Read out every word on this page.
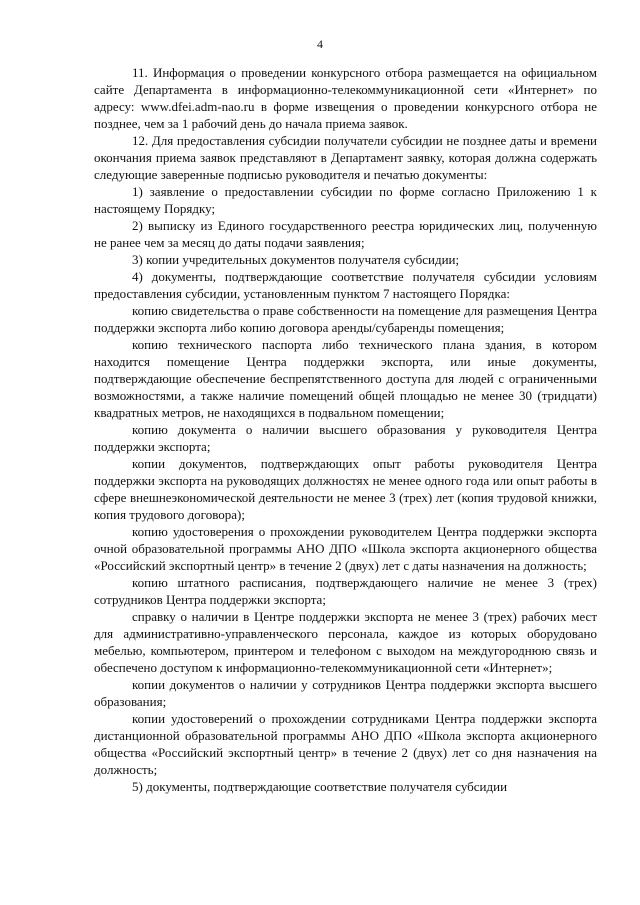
4

11. Информация о проведении конкурсного отбора размещается на официальном сайте Департамента в информационно-телекоммуникационной сети «Интернет» по адресу: www.dfei.adm-nao.ru в форме извещения о проведении конкурсного отбора не позднее, чем за 1 рабочий день до начала приема заявок.

12. Для предоставления субсидии получатели субсидии не позднее даты и времени окончания приема заявок представляют в Департамент заявку, которая должна содержать следующие заверенные подписью руководителя и печатью документы:

1) заявление о предоставлении субсидии по форме согласно Приложению 1 к настоящему Порядку;

2) выписку из Единого государственного реестра юридических лиц, полученную не ранее чем за месяц до даты подачи заявления;

3) копии учредительных документов получателя субсидии;

4) документы, подтверждающие соответствие получателя субсидии условиям предоставления субсидии, установленным пунктом 7 настоящего Порядка:

копию свидетельства о праве собственности на помещение для размещения Центра поддержки экспорта либо копию договора аренды/субаренды помещения;

копию технического паспорта либо технического плана здания, в котором находится помещение Центра поддержки экспорта, или иные документы, подтверждающие обеспечение беспрепятственного доступа для людей с ограниченными возможностями, а также наличие помещений общей площадью не менее 30 (тридцати) квадратных метров, не находящихся в подвальном помещении;

копию документа о наличии высшего образования у руководителя Центра поддержки экспорта;

копии документов, подтверждающих опыт работы руководителя Центра поддержки экспорта на руководящих должностях не менее одного года или опыт работы в сфере внешнеэкономической деятельности не менее 3 (трех) лет (копия трудовой книжки, копия трудового договора);

копию удостоверения о прохождении руководителем Центра поддержки экспорта очной образовательной программы АНО ДПО «Школа экспорта акционерного общества «Российский экспортный центр» в течение 2 (двух) лет с даты назначения на должность;

копию штатного расписания, подтверждающего наличие не менее 3 (трех) сотрудников Центра поддержки экспорта;

справку о наличии в Центре поддержки экспорта не менее 3 (трех) рабочих мест для административно-управленческого персонала, каждое из которых оборудовано мебелью, компьютером, принтером и телефоном с выходом на междугороднюю связь и обеспечено доступом к информационно-телекоммуникационной сети «Интернет»;

копии документов о наличии у сотрудников Центра поддержки экспорта высшего образования;

копии удостоверений о прохождении сотрудниками Центра поддержки экспорта дистанционной образовательной программы АНО ДПО «Школа экспорта акционерного общества «Российский экспортный центр» в течение 2 (двух) лет со дня назначения на должность;

5) документы, подтверждающие соответствие получателя субсидии
